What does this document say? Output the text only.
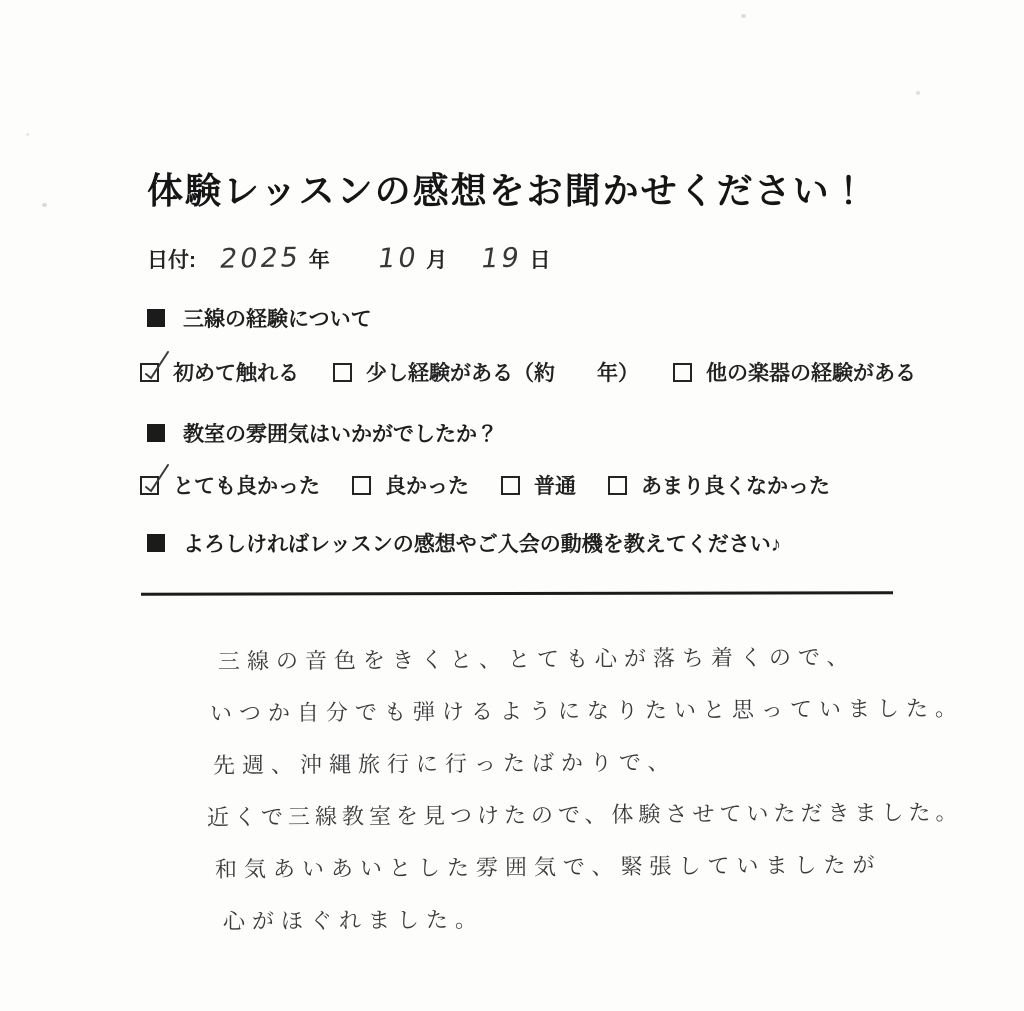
体験レッスンの感想をお聞かせください！
日付: 2025 年 10 月 19 日
三線の経験について
初めて触れる	少し経験がある（約　　年）	他の楽器の経験がある
教室の雰囲気はいかがでしたか？
とても良かった	良かった	普通	あまり良くなかった
よろしければレッスンの感想やご入会の動機を教えてください♪
三線の音色をきくと、とても心が落ち着くので、
いつか自分でも弾けるようになりたいと思っていました。
先週、沖縄旅行に行ったばかりで、
近くで三線教室を見つけたので、体験させていただきました。
和気あいあいとした雰囲気で、緊張していましたが
心がほぐれました。
